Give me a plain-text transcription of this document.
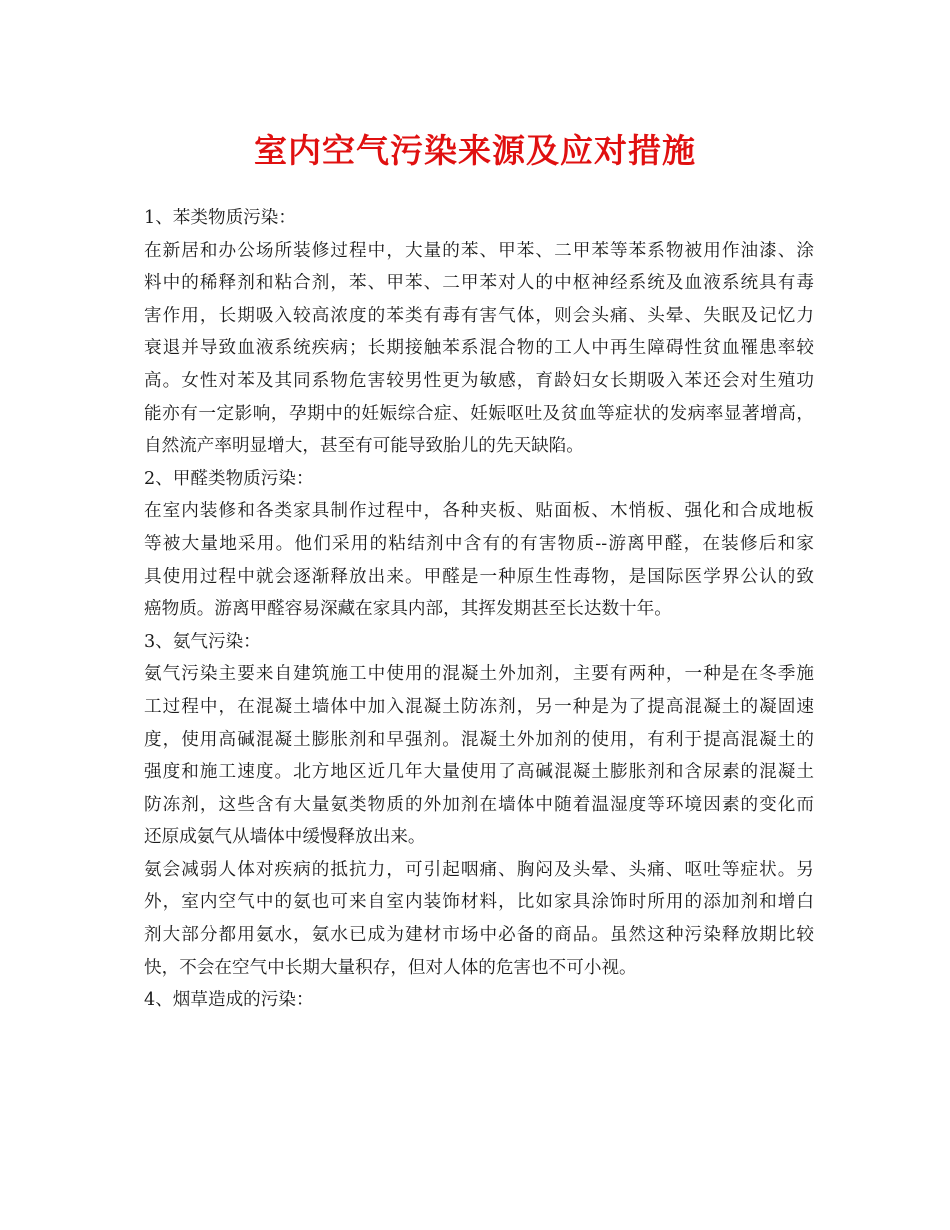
室内空气污染来源及应对措施
1、苯类物质污染：
在新居和办公场所装修过程中，大量的苯、甲苯、二甲苯等苯系物被用作油漆、涂
料中的稀释剂和粘合剂，苯、甲苯、二甲苯对人的中枢神经系统及血液系统具有毒
害作用，长期吸入较高浓度的苯类有毒有害气体，则会头痛、头晕、失眠及记忆力
衰退并导致血液系统疾病；长期接触苯系混合物的工人中再生障碍性贫血罹患率较
高。女性对苯及其同系物危害较男性更为敏感，育龄妇女长期吸入苯还会对生殖功
能亦有一定影响，孕期中的妊娠综合症、妊娠呕吐及贫血等症状的发病率显著增高，
自然流产率明显增大，甚至有可能导致胎儿的先天缺陷。
2、甲醛类物质污染：
在室内装修和各类家具制作过程中，各种夹板、贴面板、木悄板、强化和合成地板
等被大量地采用。他们采用的粘结剂中含有的有害物质--游离甲醛，在装修后和家
具使用过程中就会逐渐释放出来。甲醛是一种原生性毒物，是国际医学界公认的致
癌物质。游离甲醛容易深藏在家具内部，其挥发期甚至长达数十年。
3、氨气污染：
氨气污染主要来自建筑施工中使用的混凝土外加剂，主要有两种，一种是在冬季施
工过程中，在混凝土墙体中加入混凝土防冻剂，另一种是为了提高混凝土的凝固速
度，使用高碱混凝土膨胀剂和早强剂。混凝土外加剂的使用，有利于提高混凝土的
强度和施工速度。北方地区近几年大量使用了高碱混凝土膨胀剂和含尿素的混凝土
防冻剂，这些含有大量氨类物质的外加剂在墙体中随着温湿度等环境因素的变化而
还原成氨气从墙体中缓慢释放出来。
氨会减弱人体对疾病的抵抗力，可引起咽痛、胸闷及头晕、头痛、呕吐等症状。另
外，室内空气中的氨也可来自室内装饰材料，比如家具涂饰时所用的添加剂和增白
剂大部分都用氨水，氨水已成为建材市场中必备的商品。虽然这种污染释放期比较
快，不会在空气中长期大量积存，但对人体的危害也不可小视。
4、烟草造成的污染：
